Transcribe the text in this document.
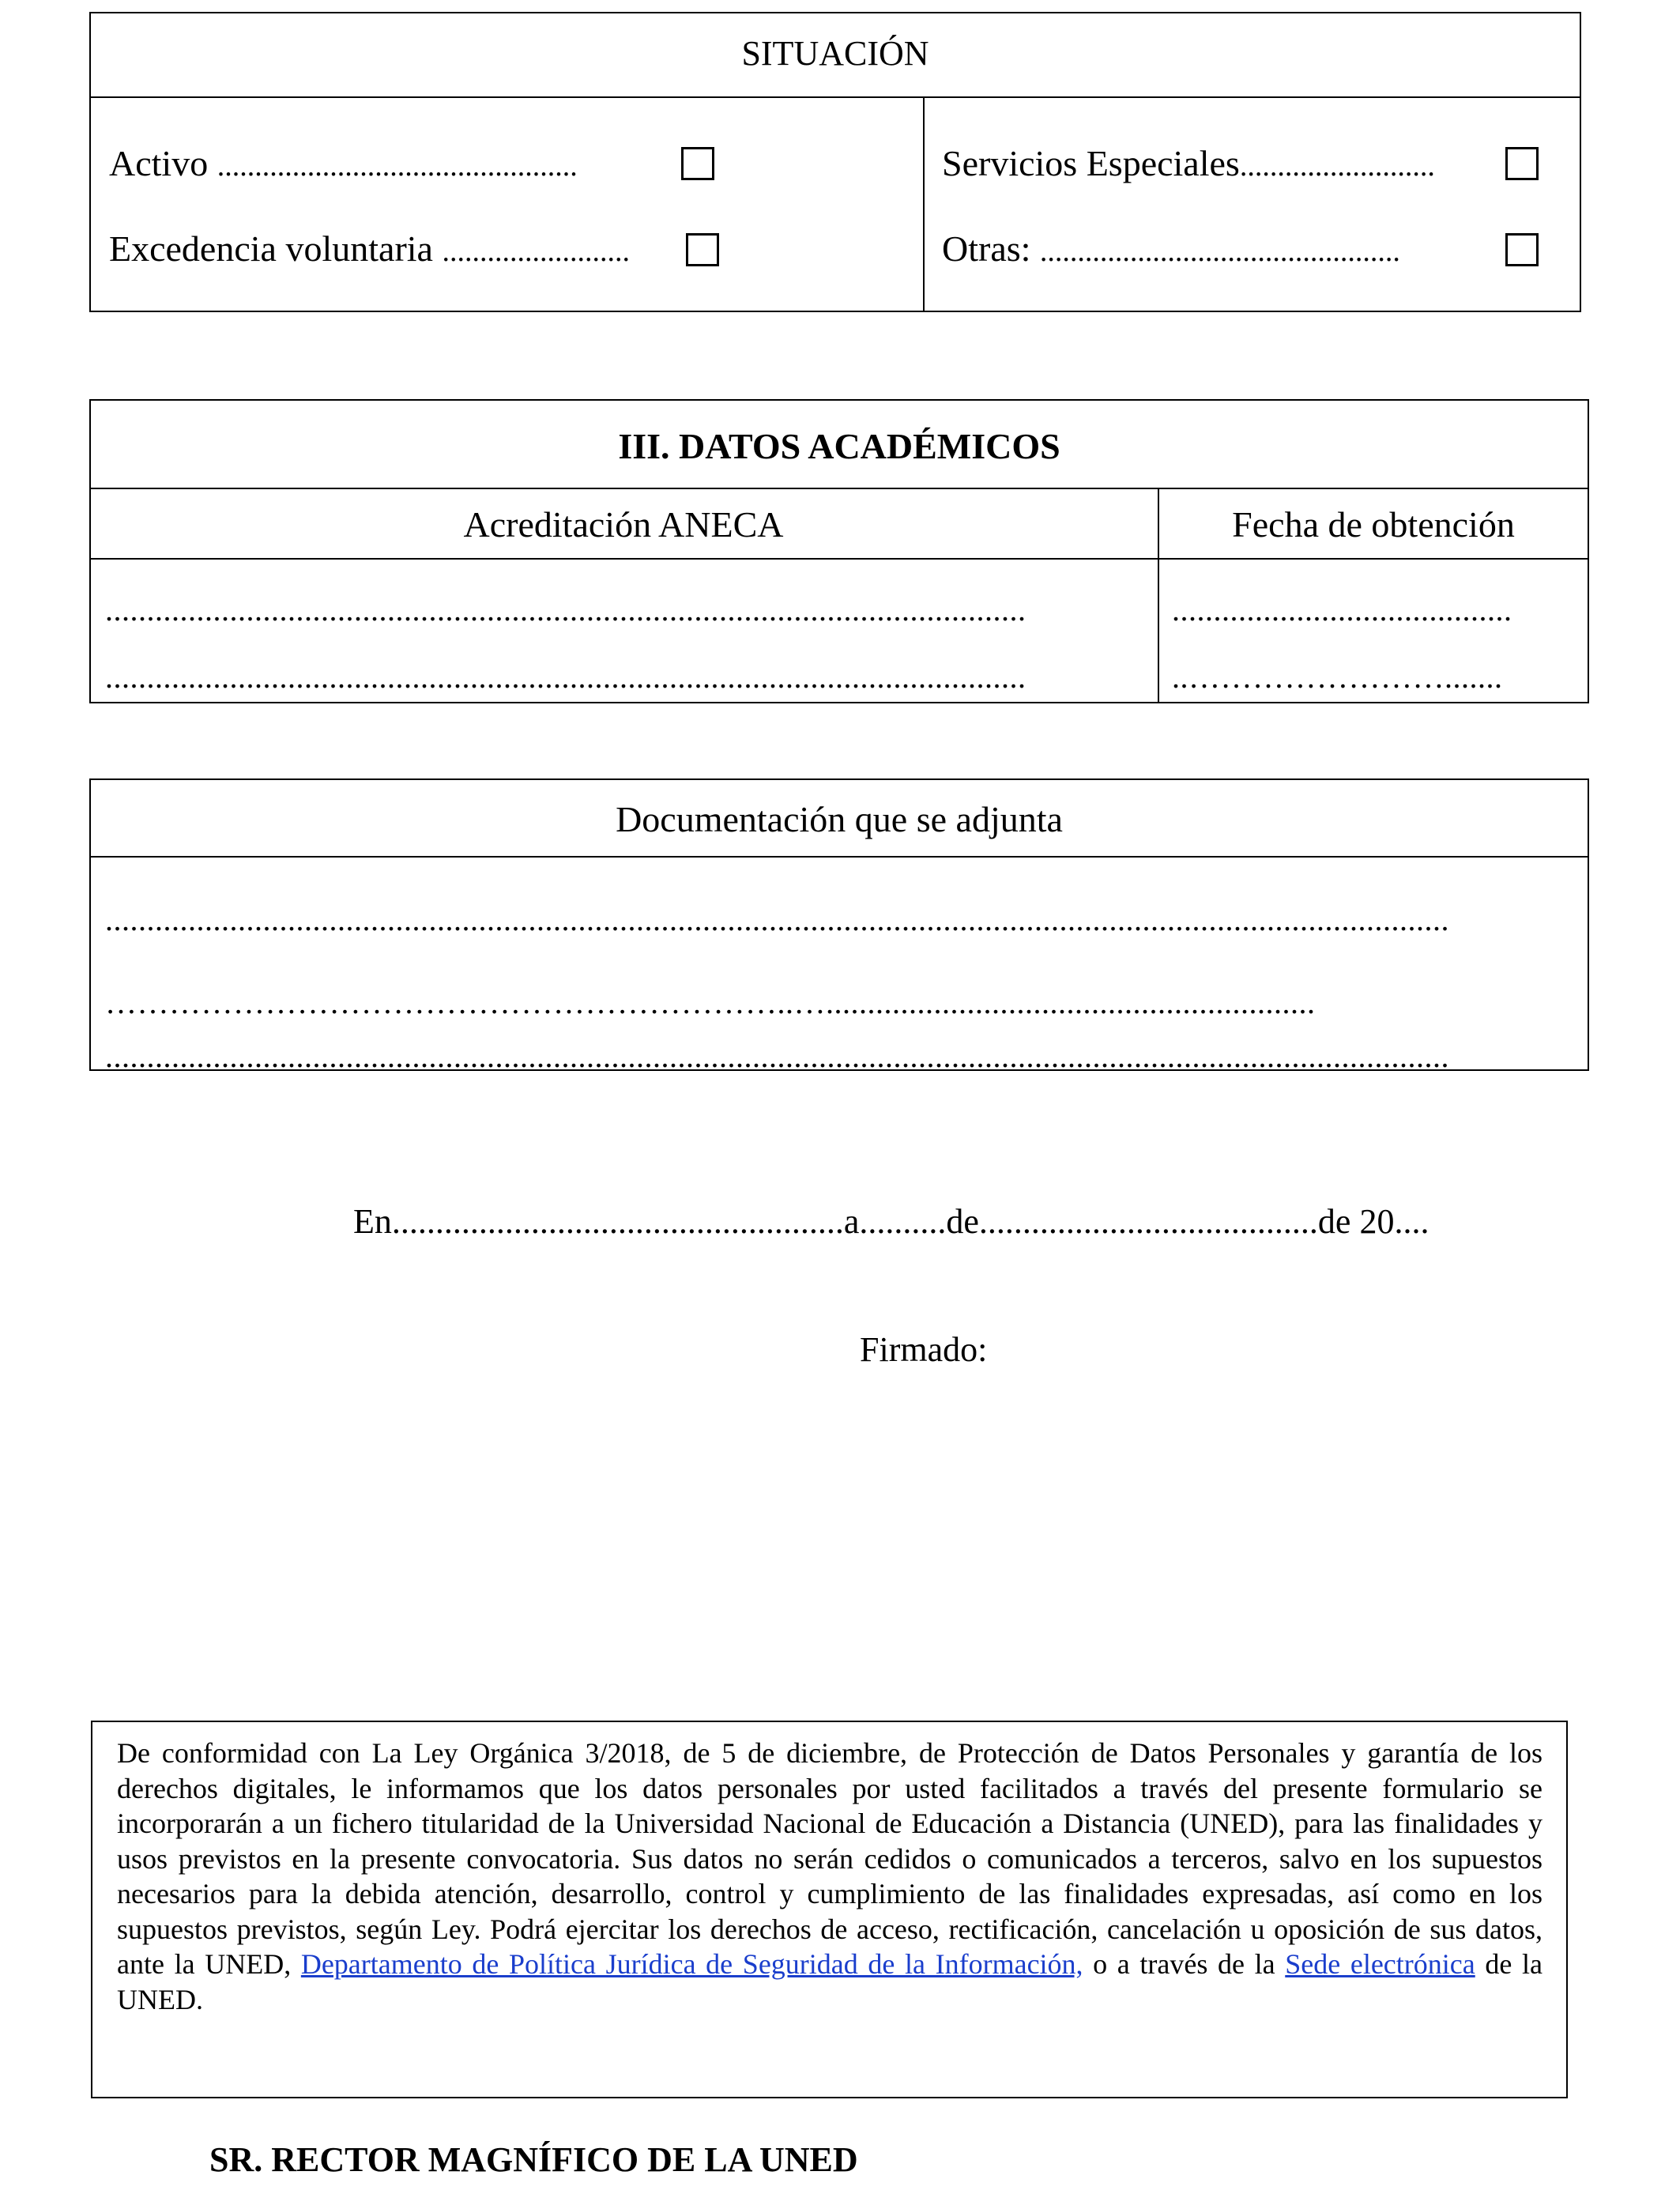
SITUACIÓN
Activo ................................................
Excedencia voluntaria .........................
Servicios Especiales..........................
Otras: ................................................
III. DATOS ACADÉMICOS
Acreditación ANECA	Fecha de obtención
...............................................................................................................
...............................................................................................................
.........................................
..…………………….......
Documentación que se adjunta
..................................................................................................................................................................
………………………………………………………..…...........................................................
..................................................................................................................................................................
En....................................................a..........de.......................................de 20....
Firmado:
De conformidad con La Ley Orgánica 3/2018, de 5 de diciembre, de Protección de Datos Personales y garantía de los derechos digitales, le informamos que los datos personales por usted facilitados a través del presente formulario se incorporarán a un fichero titularidad de la Universidad Nacional de Educación a Distancia (UNED), para las finalidades y usos previstos en la presente convocatoria. Sus datos no serán cedidos o comunicados a terceros, salvo en los supuestos necesarios para la debida atención, desarrollo, control y cumplimiento de las finalidades expresadas, así como en los supuestos previstos, según Ley. Podrá ejercitar los derechos de acceso, rectificación, cancelación u oposición de sus datos, ante la UNED, Departamento de Política Jurídica de Seguridad de la Información, o a través de la Sede electrónica de la UNED.
SR. RECTOR MAGNÍFICO DE LA UNED
